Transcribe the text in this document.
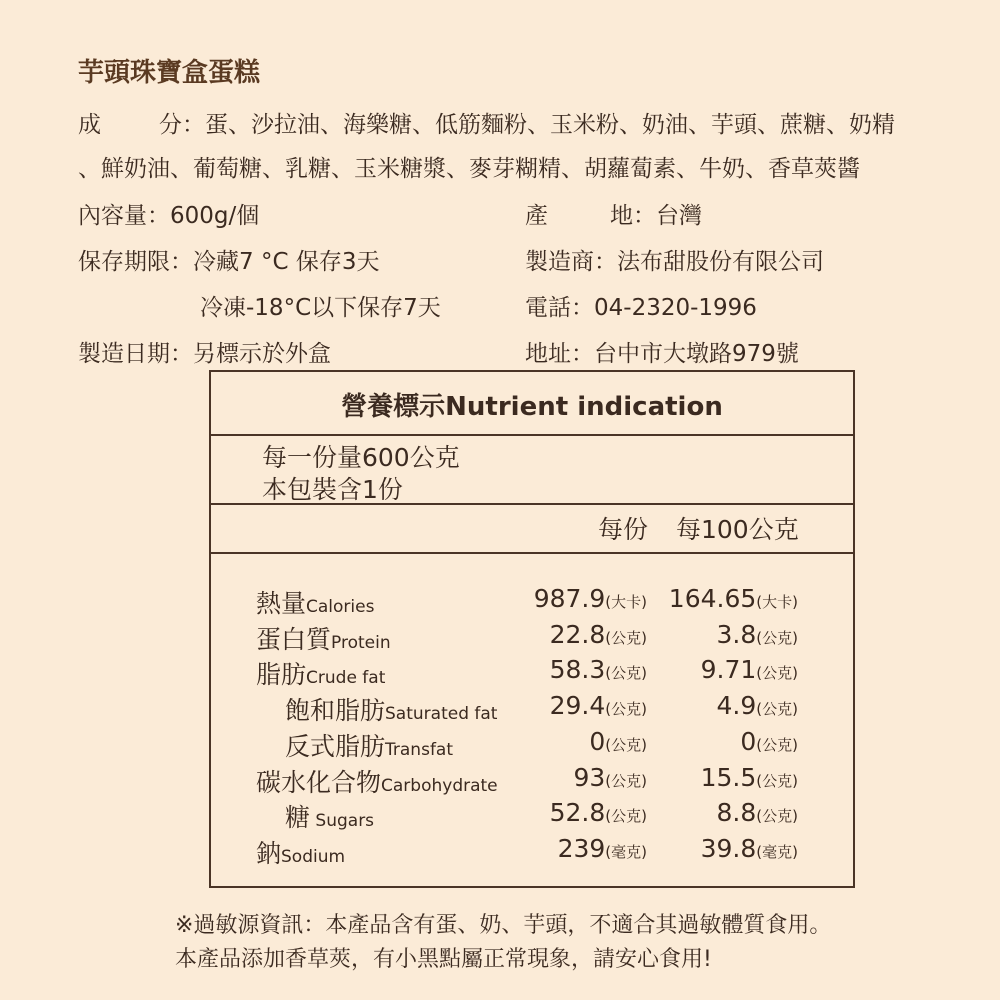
芋頭珠寶盒蛋糕
成	分：蛋、沙拉油、海樂糖、低筋麵粉、玉米粉、奶油、芋頭、蔗糖、奶精
、鮮奶油、葡萄糖、乳糖、玉米糖漿、麥芽糊精、胡蘿蔔素、牛奶、香草莢醬
內容量：600g/個	產	地：台灣
保存期限：冷藏7 °C 保存3天	製造商：法布甜股份有限公司
冷凍-18°C以下保存7天	電話：04-2320-1996
製造日期：另標示於外盒	地址：台中市大墩路979號
營養標示Nutrient indication
每一份量600公克
本包裝含1份
每份 每100公克
熱量Calories	987.9(大卡) 164.65(大卡)
蛋白質Protein	22.8(公克)	3.8(公克)
脂肪Crude fat	58.3(公克) 9.71(公克)
飽和脂肪Saturated fat 29.4(公克)	4.9(公克)
反式脂肪Transfat	0(公克)	0(公克)
碳水化合物Carbohydrate	93(公克) 15.5(公克)
糖 Sugars	52.8(公克)	8.8(公克)
鈉Sodium	239(毫克) 39.8(毫克)
※過敏源資訊：本產品含有蛋、奶、芋頭，不適合其過敏體質食用。
本產品添加香草莢，有小黑點屬正常現象，請安心食用!
